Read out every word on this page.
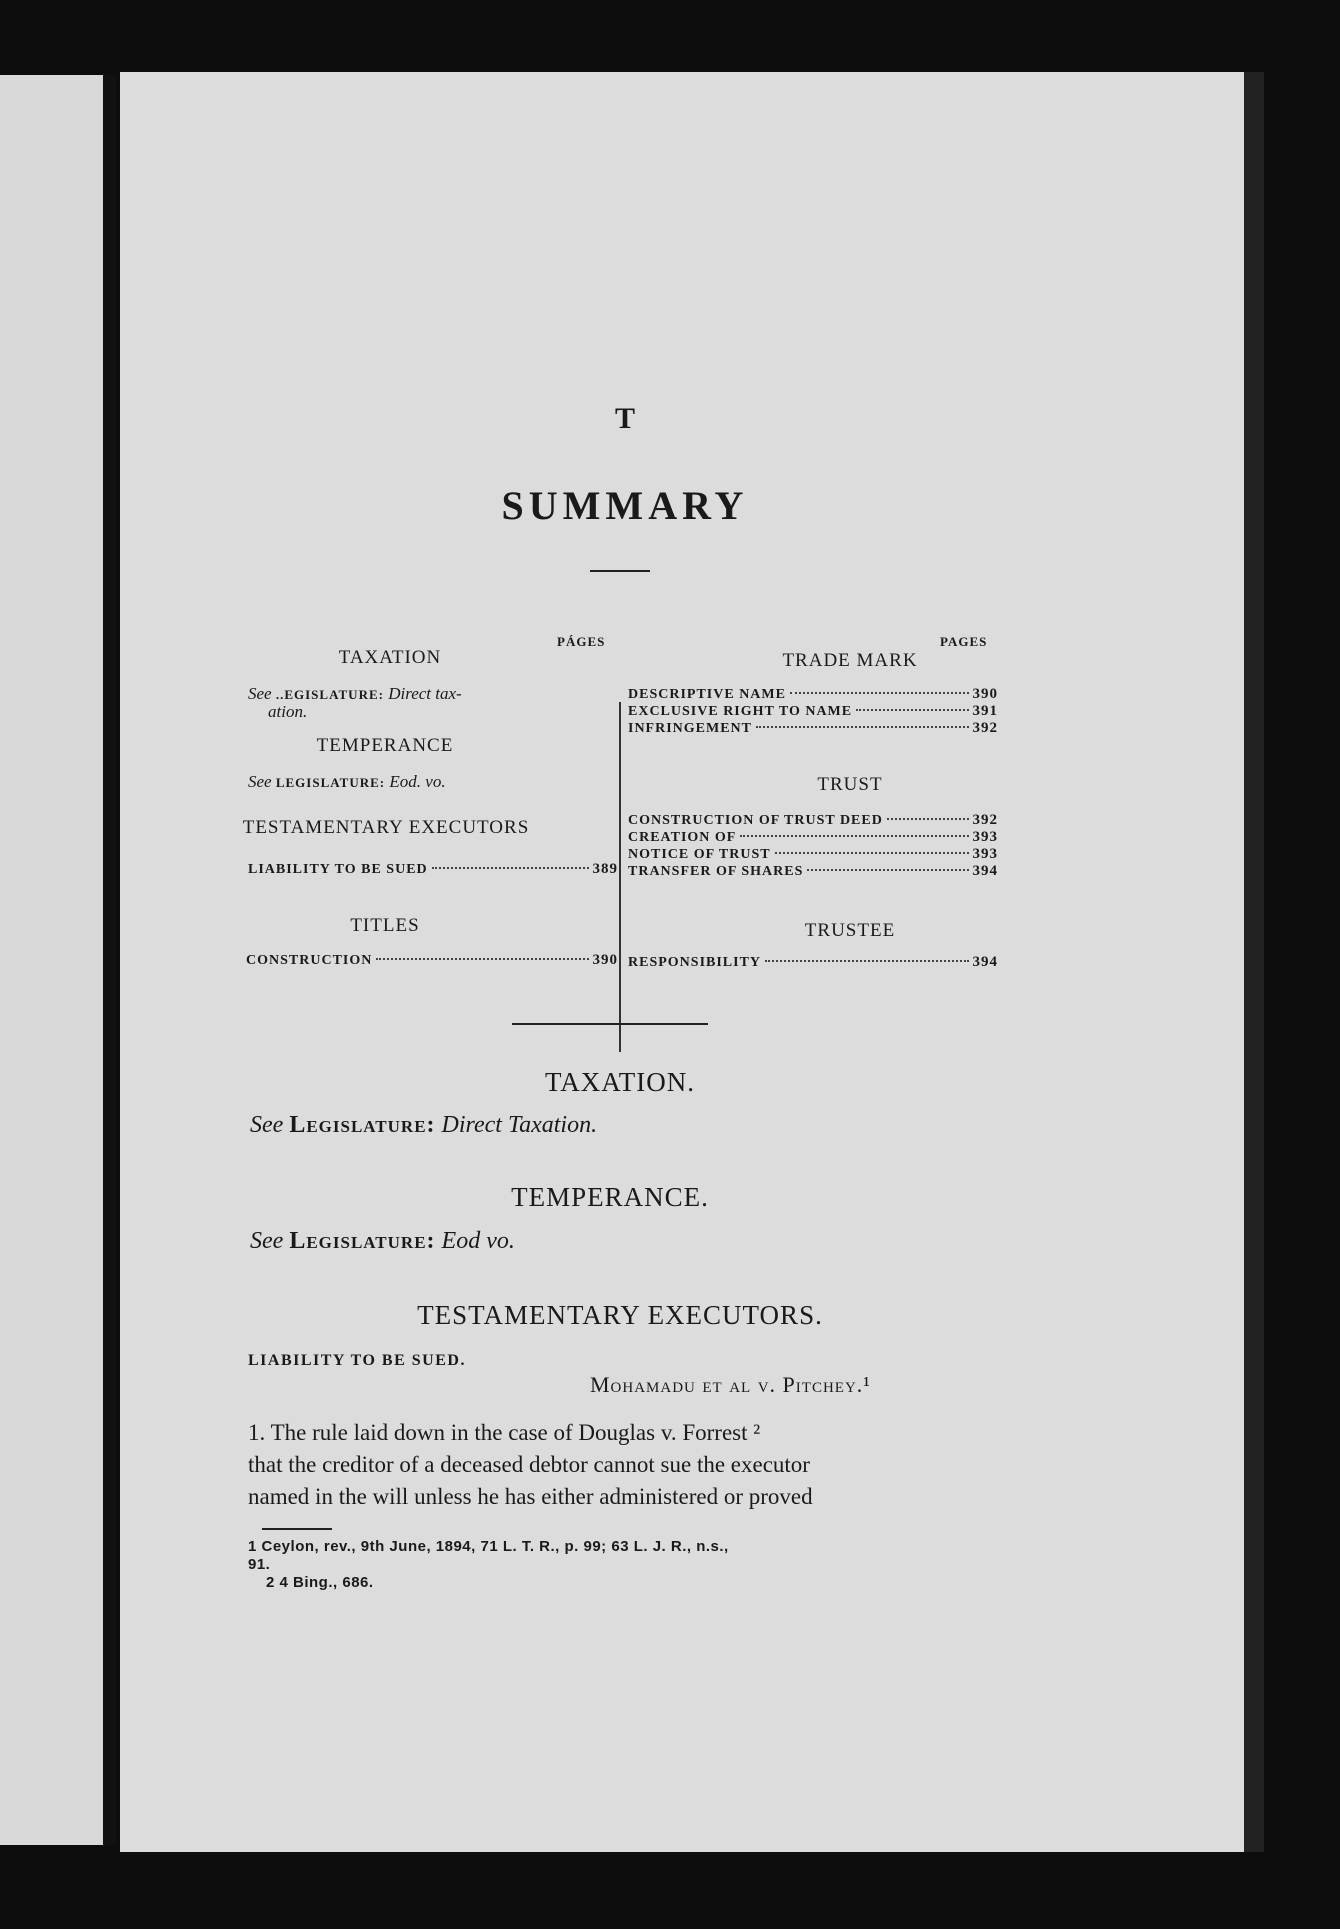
T
SUMMARY
PÁGES
TAXATION
See ..EGISLATURE: Direct tax-
ation.
TEMPERANCE
See LEGISLATURE: Eod. vo.
TESTAMENTARY EXECUTORS
LIABILITY TO BE SUED	389
TITLES
CONSTRUCTION	390
PAGES
TRADE MARK
DESCRIPTIVE NAME	390
EXCLUSIVE RIGHT TO NAME	391
INFRINGEMENT	392
TRUST
CONSTRUCTION OF TRUST DEED	392
CREATION OF	393
NOTICE OF TRUST	393
TRANSFER OF SHARES	394
TRUSTEE
RESPONSIBILITY	394
TAXATION.
See Legislature: Direct Taxation.
TEMPERANCE.
See Legislature: Eod vo.
TESTAMENTARY EXECUTORS.
LIABILITY TO BE SUED.
Mohamadu et al v. Pitchey.¹
1. The rule laid down in the case of Douglas v. Forrest ²
that the creditor of a deceased debtor cannot sue the executor
named in the will unless he has either administered or proved
1 Ceylon, rev., 9th June, 1894, 71 L. T. R., p. 99; 63 L. J. R., n.s.,
91.
2 4 Bing., 686.
